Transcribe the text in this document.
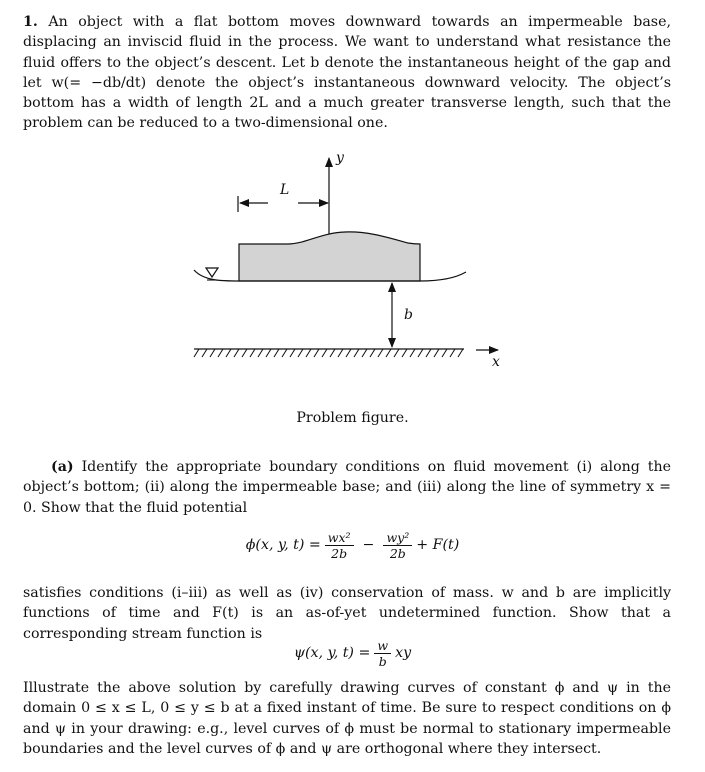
1. An object with a flat bottom moves downward towards an impermeable base, displacing an inviscid fluid in the process. We want to understand what resistance the fluid offers to the object’s descent. Let b denote the instantaneous height of the gap and let w(= −db/dt) denote the object’s instantaneous downward velocity. The object’s bottom has a width of length 2L and a much greater transverse length, such that the problem can be reduced to a two-dimensional one.
L
y
b
x
Problem figure.
(a) Identify the appropriate boundary conditions on fluid movement (i) along the object’s bottom; (ii) along the impermeable base; and (iii) along the line of symmetry x = 0. Show that the fluid potential
ϕ(x, y, $t) = \frac{\text{wx²}}{2b} - \frac{\text{wy²}}{2b} + F(t)$
satisfies conditions (i–iii) as well as (iv) conservation of mass. w and b are implicitly functions of time and F(t) is an as-of-yet undetermined function. Show that a corresponding stream function is
ψ(x, y, $t) = \frac{w}{b}$ xy
Illustrate the above solution by carefully drawing curves of constant ϕ and ψ in the domain 0 ≤ x ≤ L, 0 ≤ y ≤ b at a fixed instant of time. Be sure to respect conditions on ϕ and ψ in your drawing: e.g., level curves of ϕ must be normal to stationary impermeable boundaries and the level curves of ϕ and ψ are orthogonal where they intersect.
